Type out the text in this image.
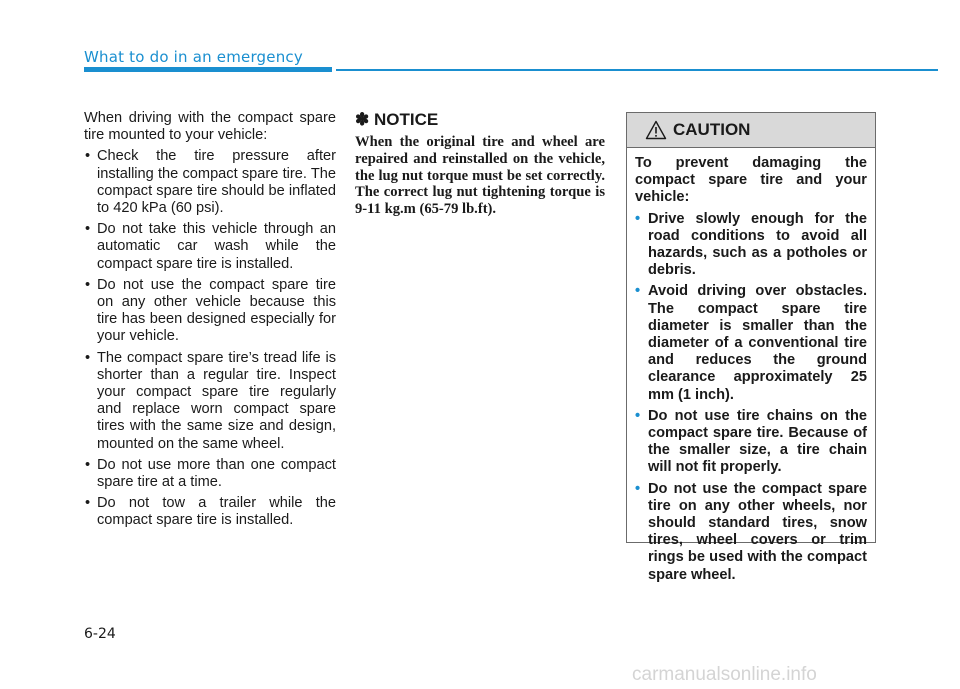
What to do in an emergency

When driving with the compact spare tire mounted to your vehicle:

• Check the tire pressure after installing the compact spare tire. The compact spare tire should be inflated to 420 kPa (60 psi).
• Do not take this vehicle through an automatic car wash while the compact spare tire is installed.
• Do not use the compact spare tire on any other vehicle because this tire has been designed especially for your vehicle.
• The compact spare tire’s tread life is shorter than a regular tire. Inspect your compact spare tire regularly and replace worn compact spare tires with the same size and design, mounted on the same wheel.
• Do not use more than one compact spare tire at a time.
• Do not tow a trailer while the compact spare tire is installed.
✽ NOTICE
When the original tire and wheel are repaired and reinstalled on the vehicle, the lug nut torque must be set correctly. The correct lug nut tightening torque is 9-11 kg.m (65-79 lb.ft).
CAUTION

To prevent damaging the compact spare tire and your vehicle:

• Drive slowly enough for the road conditions to avoid all hazards, such as a potholes or debris.
• Avoid driving over obstacles. The compact spare tire diameter is smaller than the diameter of a conventional tire and reduces the ground clearance approximately 25 mm (1 inch).
• Do not use tire chains on the compact spare tire. Because of the smaller size, a tire chain will not fit properly.
• Do not use the compact spare tire on any other wheels, nor should standard tires, snow tires, wheel covers or trim rings be used with the compact spare wheel.
6-24
carmanualsonline.info
